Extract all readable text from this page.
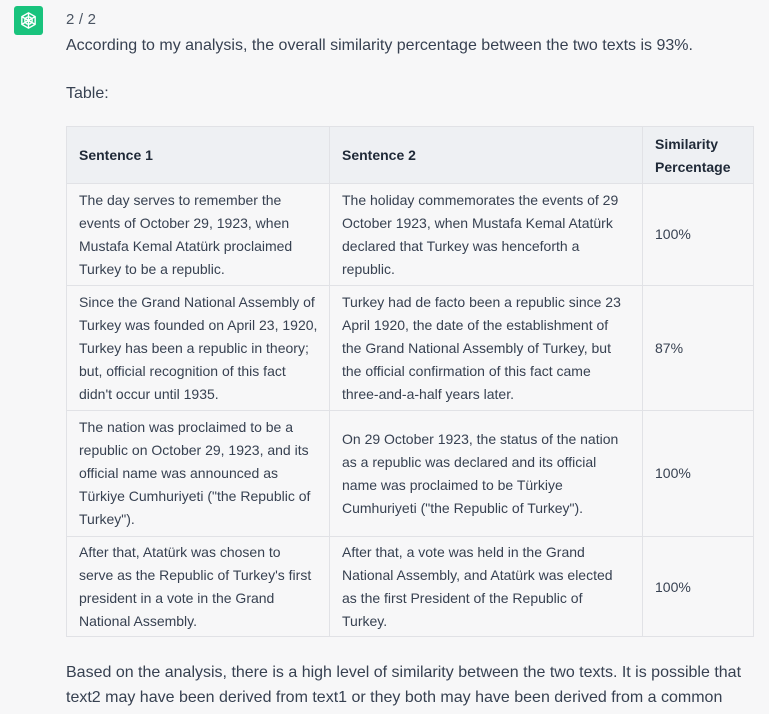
2 / 2
According to my analysis, the overall similarity percentage between the two texts is 93%.
Table:
Sentence 1	Sentence 2
Similarity
Percentage
The day serves to remember the
events of October 29, 1923, when
Mustafa Kemal Atatürk proclaimed
Turkey to be a republic.
The holiday commemorates the events of 29
October 1923, when Mustafa Kemal Atatürk
declared that Turkey was henceforth a
republic.
100%
Since the Grand National Assembly of
Turkey was founded on April 23, 1920,
Turkey has been a republic in theory;
but, official recognition of this fact
didn't occur until 1935.
Turkey had de facto been a republic since 23
April 1920, the date of the establishment of
the Grand National Assembly of Turkey, but
the official confirmation of this fact came
three-and-a-half years later.
87%
The nation was proclaimed to be a
republic on October 29, 1923, and its
official name was announced as
Türkiye Cumhuriyeti ("the Republic of
Turkey").
On 29 October 1923, the status of the nation
as a republic was declared and its official
name was proclaimed to be Türkiye
Cumhuriyeti ("the Republic of Turkey").
100%
After that, Atatürk was chosen to
serve as the Republic of Turkey's first
president in a vote in the Grand
National Assembly.
After that, a vote was held in the Grand
National Assembly, and Atatürk was elected
as the first President of the Republic of
Turkey.
100%
Based on the analysis, there is a high level of similarity between the two texts. It is possible that
text2 may have been derived from text1 or they both may have been derived from a common
